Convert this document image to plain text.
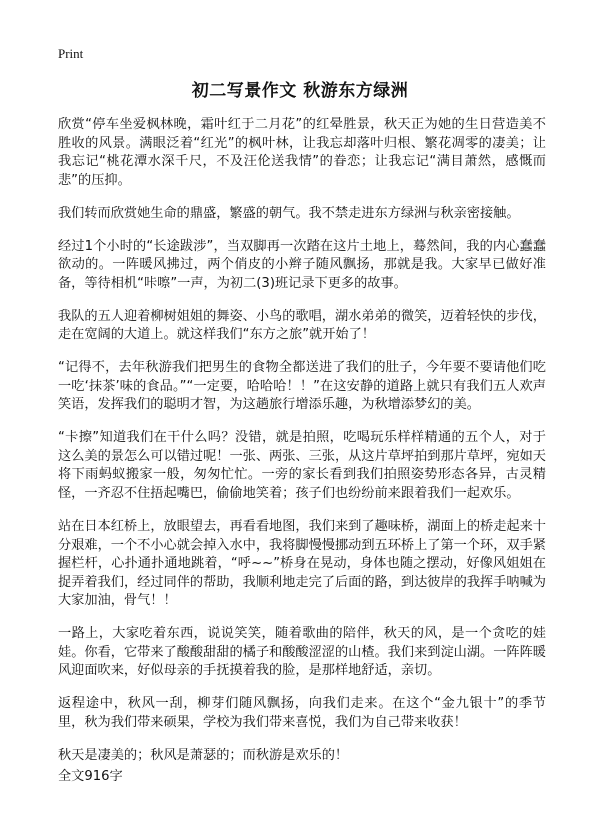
Print
初二写景作文 秋游东方绿洲

欣赏“停车坐爱枫林晚，霜叶红于二月花”的红晕胜景，秋天正为她的生日营造美不胜收的风景。满眼泛着“红光”的枫叶林，让我忘却落叶归根、繁花凋零的凄美；让我忘记“桃花潭水深千尺，不及汪伦送我情”的眷恋；让我忘记“满目萧然，感慨而悲”的压抑。

我们转而欣赏她生命的鼎盛，繁盛的朝气。我不禁走进东方绿洲与秋亲密接触。

经过1个小时的“长途跋涉”，当双脚再一次踏在这片土地上，蓦然间，我的内心蠢蠢欲动的。一阵暖风拂过，两个俏皮的小辫子随风飘扬，那就是我。大家早已做好准备，等待相机“咔嚓”一声，为初二(3)班记录下更多的故事。

我队的五人迎着柳树姐姐的舞姿、小鸟的歌唱，湖水弟弟的微笑，迈着轻快的步伐，走在宽阔的大道上。就这样我们“东方之旅”就开始了！

“记得不，去年秋游我们把男生的食物全都送进了我们的肚子，今年要不要请他们吃一吃‘抹茶’味的食品。”“一定要，哈哈哈！！”在这安静的道路上就只有我们五人欢声笑语，发挥我们的聪明才智，为这趟旅行增添乐趣，为秋增添梦幻的美。

“卡擦”知道我们在干什么吗？没错，就是拍照，吃喝玩乐样样精通的五个人，对于这么美的景怎么可以错过呢！一张、两张、三张，从这片草坪拍到那片草坪，宛如天将下雨蚂蚁搬家一般，匆匆忙忙。一旁的家长看到我们拍照姿势形态各异，古灵精怪，一齐忍不住捂起嘴巴，偷偷地笑着；孩子们也纷纷前来跟着我们一起欢乐。

站在日本红桥上，放眼望去，再看看地图，我们来到了趣味桥，湖面上的桥走起来十分艰难，一个不小心就会掉入水中，我将脚慢慢挪动到五环桥上了第一个环，双手紧握栏杆，心扑通扑通地跳着，“呼~~”桥身在晃动，身体也随之摆动，好像风姐姐在捉弄着我们，经过同伴的帮助，我顺利地走完了后面的路，到达彼岸的我挥手呐喊为大家加油，骨气！！

一路上，大家吃着东西，说说笑笑，随着歌曲的陪伴，秋天的风，是一个贪吃的娃娃。你看，它带来了酸酸甜甜的橘子和酸酸涩涩的山楂。我们来到淀山湖。一阵阵暖风迎面吹来，好似母亲的手抚摸着我的脸，是那样地舒适，亲切。

返程途中，秋风一刮，柳芽们随风飘扬，向我们走来。在这个“金九银十”的季节里，秋为我们带来硕果，学校为我们带来喜悦，我们为自己带来收获！

秋天是凄美的；秋风是萧瑟的；而秋游是欢乐的！

全文916字
